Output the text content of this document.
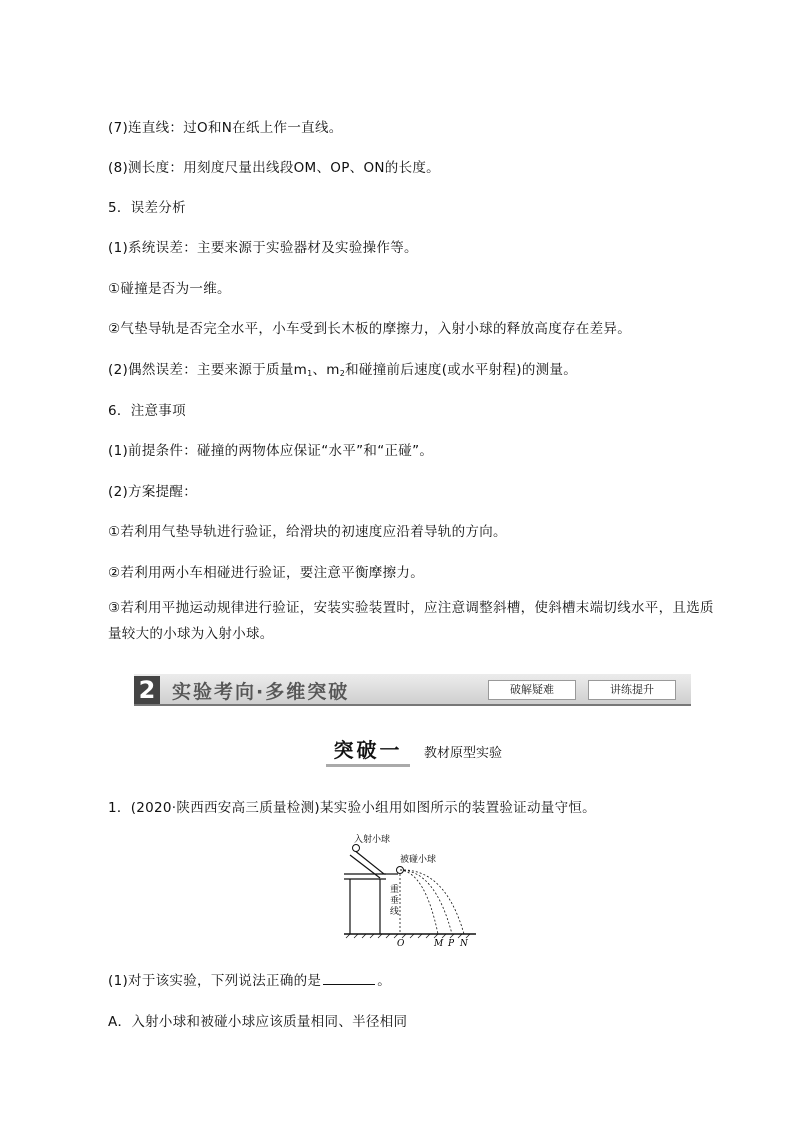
(7)连直线：过O和N在纸上作一直线。
(8)测长度：用刻度尺量出线段OM、OP、ON的长度。
5．误差分析
(1)系统误差：主要来源于实验器材及实验操作等。
①碰撞是否为一维。
②气垫导轨是否完全水平，小车受到长木板的摩擦力，入射小球的释放高度存在差异。
(2)偶然误差：主要来源于质量$m_1$、$m_2$和碰撞前后速度(或水平射程)的测量。
6．注意事项
(1)前提条件：碰撞的两物体应保证“水平”和“正碰”。
(2)方案提醒：
①若利用气垫导轨进行验证，给滑块的初速度应沿着导轨的方向。
②若利用两小车相碰进行验证，要注意平衡摩擦力。
③若利用平抛运动规律进行验证，安装实验装置时，应注意调整斜槽，使斜槽末端切线水平，且选质量较大的小球为入射小球。
2 实验考向·多维突破	破解疑难	讲练提升
突破一	教材原型实验
1．(2020·陕西西安高三质量检测)某实验小组用如图所示的装置验证动量守恒。
入射小球
被碰小球
重
垂
线
O	M P N
(1)对于该实验，下列说法正确的是	。
A．入射小球和被碰小球应该质量相同、半径相同
